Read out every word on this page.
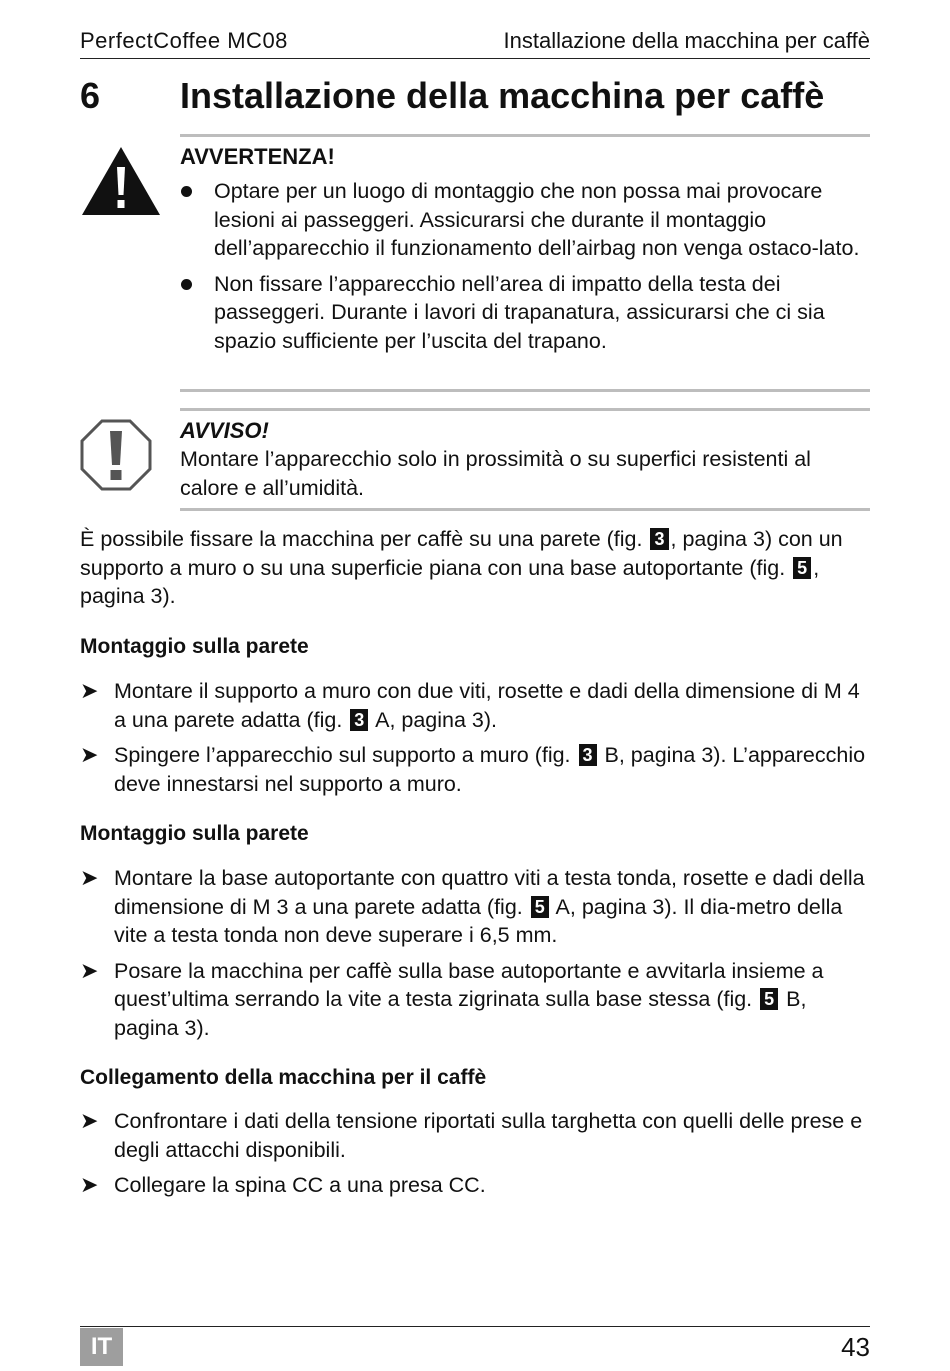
PerfectCoffee MC08	Installazione della macchina per caffè
6 Installazione della macchina per caffè
AVVERTENZA!
Optare per un luogo di montaggio che non possa mai provocare lesioni ai passeggeri. Assicurarsi che durante il montaggio dell’apparecchio il funzionamento dell’airbag non venga ostaco-lato.
Non fissare l’apparecchio nell’area di impatto della testa dei passeggeri. Durante i lavori di trapanatura, assicurarsi che ci sia spazio sufficiente per l’uscita del trapano.
AVVISO!
Montare l’apparecchio solo in prossimità o su superfici resistenti al calore e all’umidità.
È possibile fissare la macchina per caffè su una parete (fig. 3 , pagina 3) con un supporto a muro o su una superficie piana con una base autoportante (fig. 5 , pagina 3).
Montaggio sulla parete
➤ Montare il supporto a muro con due viti, rosette e dadi della dimensione di M 4 a una parete adatta (fig. 3 A, pagina 3).
➤ Spingere l’apparecchio sul supporto a muro (fig. 3 B, pagina 3). L’apparecchio deve innestarsi nel supporto a muro.
Montaggio sulla parete
➤ Montare la base autoportante con quattro viti a testa tonda, rosette e dadi della dimensione di M 3 a una parete adatta (fig. 5 A, pagina 3). Il dia-metro della vite a testa tonda non deve superare i 6,5 mm.
➤ Posare la macchina per caffè sulla base autoportante e avvitarla insieme a quest’ultima serrando la vite a testa zigrinata sulla base stessa (fig. 5 B, pagina 3).
Collegamento della macchina per il caffè
➤ Confrontare i dati della tensione riportati sulla targhetta con quelli delle prese e degli attacchi disponibili.
➤ Collegare la spina CC a una presa CC.
IT	43
